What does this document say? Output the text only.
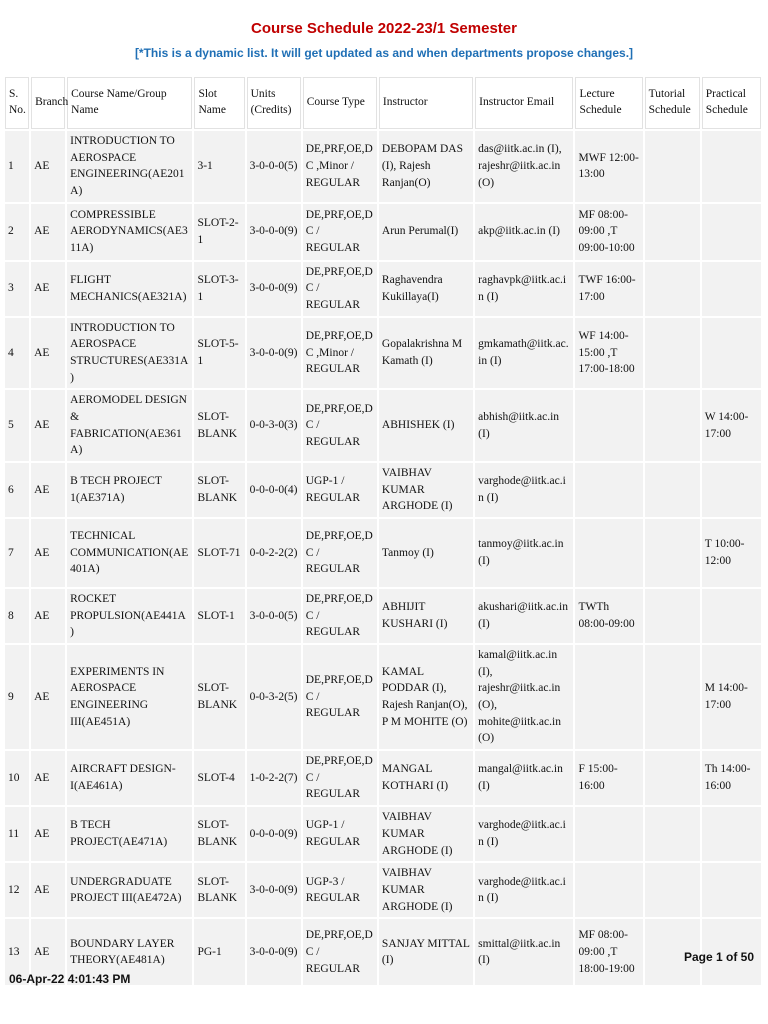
Course Schedule 2022-23/1 Semester
[*This is a dynamic list. It will get updated as and when departments propose changes.]
S. No.	Branch	Course Name/Group Name	Slot Name	Units (Credits)	Course Type	Instructor	Instructor Email	Lecture Schedule	Tutorial Schedule	Practical Schedule
1	AE	INTRODUCTION TO AEROSPACE ENGINEERING(AE201A)	3-1	3-0-0-0(5)	DE,PRF,OE,DC ,Minor / REGULAR	DEBOPAM DAS (I), Rajesh Ranjan(O)	das@iitk.ac.in (I), rajeshr@iitk.ac.in (O)	MWF 12:00-13:00		
2	AE	COMPRESSIBLE AERODYNAMICS(AE311A)	SLOT-2-1	3-0-0-0(9)	DE,PRF,OE,DC / REGULAR	Arun Perumal(I)	akp@iitk.ac.in (I)	MF 08:00-09:00 ,T 09:00-10:00		
3	AE	FLIGHT MECHANICS(AE321A)	SLOT-3-1	3-0-0-0(9)	DE,PRF,OE,DC / REGULAR	Raghavendra Kukillaya(I)	raghavpk@iitk.ac.in (I)	TWF 16:00-17:00		
4	AE	INTRODUCTION TO AEROSPACE STRUCTURES(AE331A)	SLOT-5-1	3-0-0-0(9)	DE,PRF,OE,DC ,Minor / REGULAR	Gopalakrishna M Kamath (I)	gmkamath@iitk.ac.in (I)	WF 14:00-15:00 ,T 17:00-18:00		
5	AE	AEROMODEL DESIGN & FABRICATION(AE361A)	SLOT-BLANK	0-0-3-0(3)	DE,PRF,OE,DC / REGULAR	ABHISHEK (I)	abhish@iitk.ac.in (I)			W 14:00-17:00
6	AE	B TECH PROJECT 1(AE371A)	SLOT-BLANK	0-0-0-0(4)	UGP-1 / REGULAR	VAIBHAV KUMAR ARGHODE (I)	varghode@iitk.ac.in (I)			
7	AE	TECHNICAL COMMUNICATION(AE401A)	SLOT-71	0-0-2-2(2)	DE,PRF,OE,DC / REGULAR	Tanmoy (I)	tanmoy@iitk.ac.in (I)			T 10:00-12:00
8	AE	ROCKET PROPULSION(AE441A)	SLOT-1	3-0-0-0(5)	DE,PRF,OE,DC / REGULAR	ABHIJIT KUSHARI (I)	akushari@iitk.ac.in (I)	TWTh 08:00-09:00		
9	AE	EXPERIMENTS IN AEROSPACE ENGINEERING III(AE451A)	SLOT-BLANK	0-0-3-2(5)	DE,PRF,OE,DC / REGULAR	KAMAL PODDAR (I), Rajesh Ranjan(O), P M MOHITE (O)	kamal@iitk.ac.in (I), rajeshr@iitk.ac.in (O), mohite@iitk.ac.in (O)			M 14:00-17:00
10	AE	AIRCRAFT DESIGN-I(AE461A)	SLOT-4	1-0-2-2(7)	DE,PRF,OE,DC / REGULAR	MANGAL KOTHARI (I)	mangal@iitk.ac.in (I)	F 15:00-16:00		Th 14:00-16:00
11	AE	B TECH PROJECT(AE471A)	SLOT-BLANK	0-0-0-0(9)	UGP-1 / REGULAR	VAIBHAV KUMAR ARGHODE (I)	varghode@iitk.ac.in (I)			
12	AE	UNDERGRADUATE PROJECT III(AE472A)	SLOT-BLANK	3-0-0-0(9)	UGP-3 / REGULAR	VAIBHAV KUMAR ARGHODE (I)	varghode@iitk.ac.in (I)			
13	AE	BOUNDARY LAYER THEORY(AE481A)	PG-1	3-0-0-0(9)	DE,PRF,OE,DC / REGULAR	SANJAY MITTAL (I)	smittal@iitk.ac.in (I)	MF 08:00-09:00 ,T 18:00-19:00		
Page 1 of 50
06-Apr-22 4:01:43 PM
